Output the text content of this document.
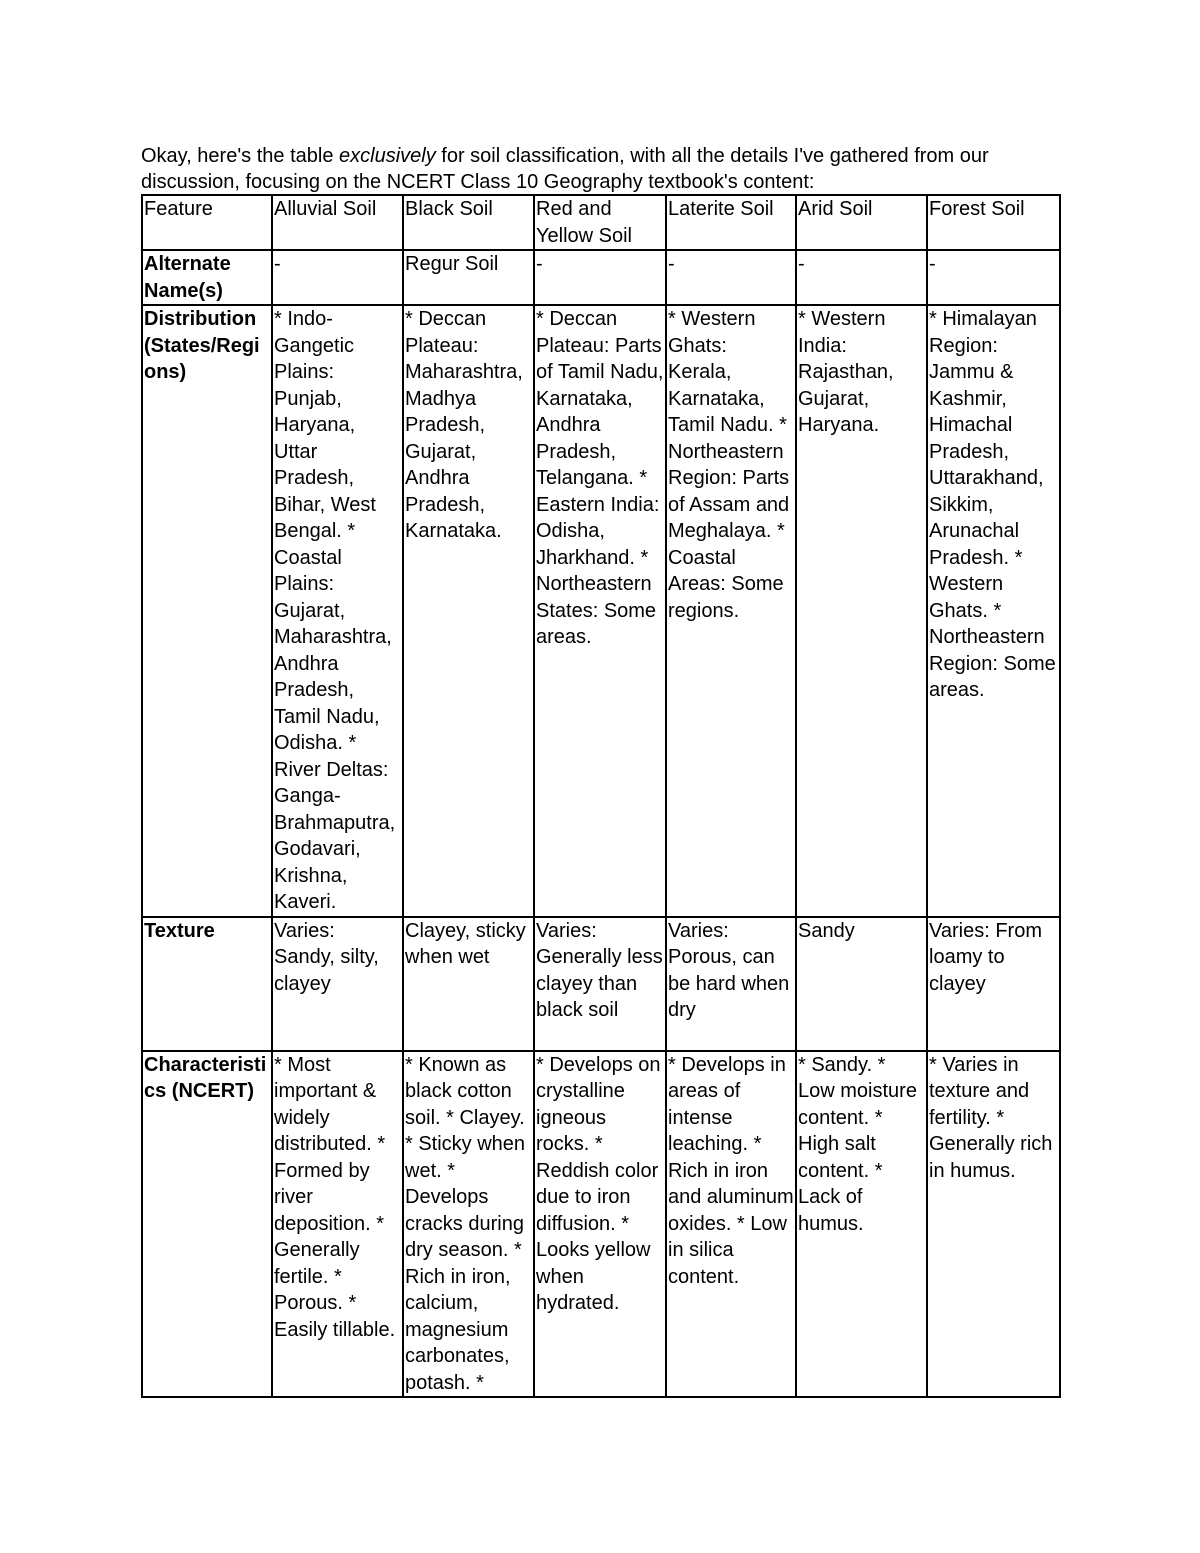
Okay, here's the table exclusively for soil classification, with all the details I've gathered from our discussion, focusing on the NCERT Class 10 Geography textbook's content:

Feature	Alluvial Soil	Black Soil	Red and Yellow Soil	Laterite Soil	Arid Soil	Forest Soil
Alternate Name(s)	-	Regur Soil	-	-	-	-
Distribution (States/Regions)	* Indo-Gangetic Plains: Punjab, Haryana, Uttar Pradesh, Bihar, West Bengal. * Coastal Plains: Gujarat, Maharashtra, Andhra Pradesh, Tamil Nadu, Odisha. * River Deltas: Ganga-Brahmaputra, Godavari, Krishna, Kaveri.	* Deccan Plateau: Maharashtra, Madhya Pradesh, Gujarat, Andhra Pradesh, Karnataka.	* Deccan Plateau: Parts of Tamil Nadu, Karnataka, Andhra Pradesh, Telangana. * Eastern India: Odisha, Jharkhand. * Northeastern States: Some areas.	* Western Ghats: Kerala, Karnataka, Tamil Nadu. * Northeastern Region: Parts of Assam and Meghalaya. * Coastal Areas: Some regions.	* Western India: Rajasthan, Gujarat, Haryana.	* Himalayan Region: Jammu & Kashmir, Himachal Pradesh, Uttarakhand, Sikkim, Arunachal Pradesh. * Western Ghats. * Northeastern Region: Some areas.
Texture	Varies: Sandy, silty, clayey	Clayey, sticky when wet	Varies: Generally less clayey than black soil	Varies: Porous, can be hard when dry	Sandy	Varies: From loamy to clayey
Characteristics (NCERT)	* Most important & widely distributed. * Formed by river deposition. * Generally fertile. * Porous. * Easily tillable.	* Known as black cotton soil. * Clayey. * Sticky when wet. * Develops cracks during dry season. * Rich in iron, calcium, magnesium carbonates, potash. *	* Develops on crystalline igneous rocks. * Reddish color due to iron diffusion. * Looks yellow when hydrated.	* Develops in areas of intense leaching. * Rich in iron and aluminum oxides. * Low in silica content.	* Sandy. * Low moisture content. * High salt content. * Lack of humus.	* Varies in texture and fertility. * Generally rich in humus.
